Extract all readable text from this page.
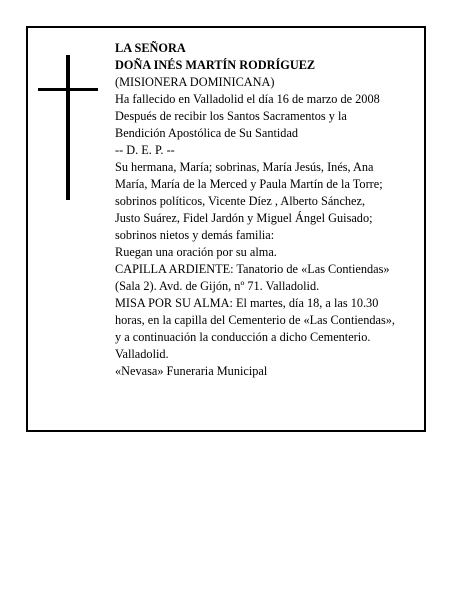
LA SEÑORA
DOÑA INÉS MARTÍN RODRÍGUEZ
(MISIONERA DOMINICANA)
Ha fallecido en Valladolid el día 16 de marzo de 2008
Después de recibir los Santos Sacramentos y la
Bendición Apostólica de Su Santidad
-- D. E. P. --
Su hermana, María; sobrinas, María Jesús, Inés, Ana
María, María de la Merced y Paula Martín de la Torre;
sobrinos políticos, Vicente Díez , Alberto Sánchez,
Justo Suárez, Fidel Jardón y Miguel Ángel Guisado;
sobrinos nietos y demás familia:
Ruegan una oración por su alma.
CAPILLA ARDIENTE: Tanatorio de «Las Contiendas»
(Sala 2). Avd. de Gijón, nº 71. Valladolid.
MISA POR SU ALMA: El martes, día 18, a las 10.30
horas, en la capilla del Cementerio de «Las Contiendas»,
y a continuación la conducción a dicho Cementerio.
Valladolid.
«Nevasa» Funeraria Municipal
